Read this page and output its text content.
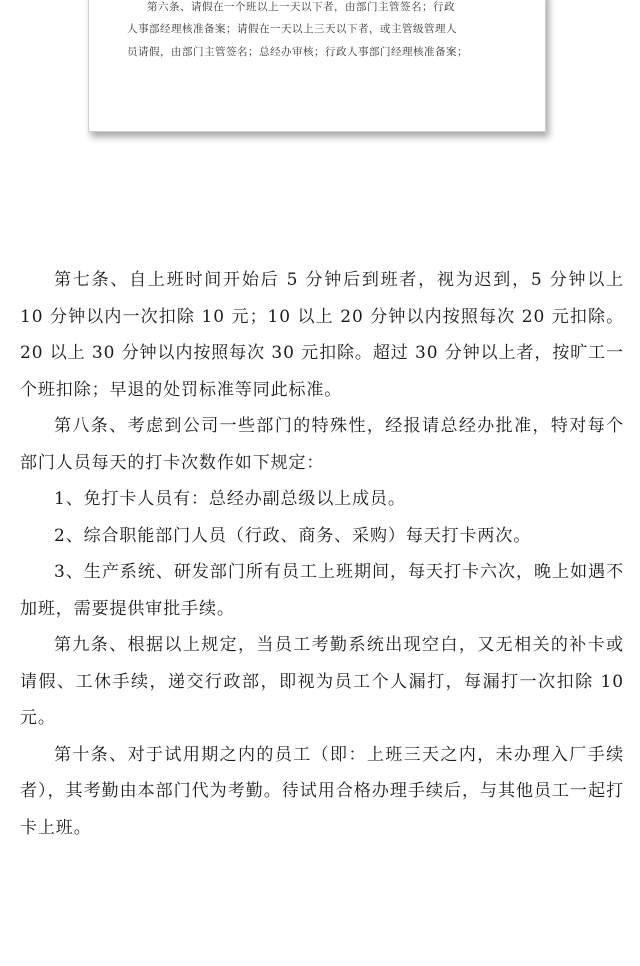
第六条、请假在一个班以上一天以下者，由部门主管签名；行政
人事部经理核准备案；请假在一天以上三天以下者，或主管级管理人
员请假，由部门主管签名；总经办审核；行政人事部门经理核准备案；

第七条、自上班时间开始后 5 分钟后到班者，视为迟到，5 分钟以上 10 分钟以内一次扣除 10 元；10 以上 20 分钟以内按照每次 20 元扣除。20 以上 30 分钟以内按照每次 30 元扣除。超过 30 分钟以上者，按旷工一个班扣除；早退的处罚标准等同此标准。

第八条、考虑到公司一些部门的特殊性，经报请总经办批准，特对每个部门人员每天的打卡次数作如下规定：

1、免打卡人员有：总经办副总级以上成员。

2、综合职能部门人员（行政、商务、采购）每天打卡两次。

3、生产系统、研发部门所有员工上班期间，每天打卡六次，晚上如遇不加班，需要提供审批手续。

第九条、根据以上规定，当员工考勤系统出现空白，又无相关的补卡或请假、工休手续，递交行政部，即视为员工个人漏打，每漏打一次扣除 10 元。

第十条、对于试用期之内的员工（即：上班三天之内，未办理入厂手续者），其考勤由本部门代为考勤。待试用合格办理手续后，与其他员工一起打卡上班。
